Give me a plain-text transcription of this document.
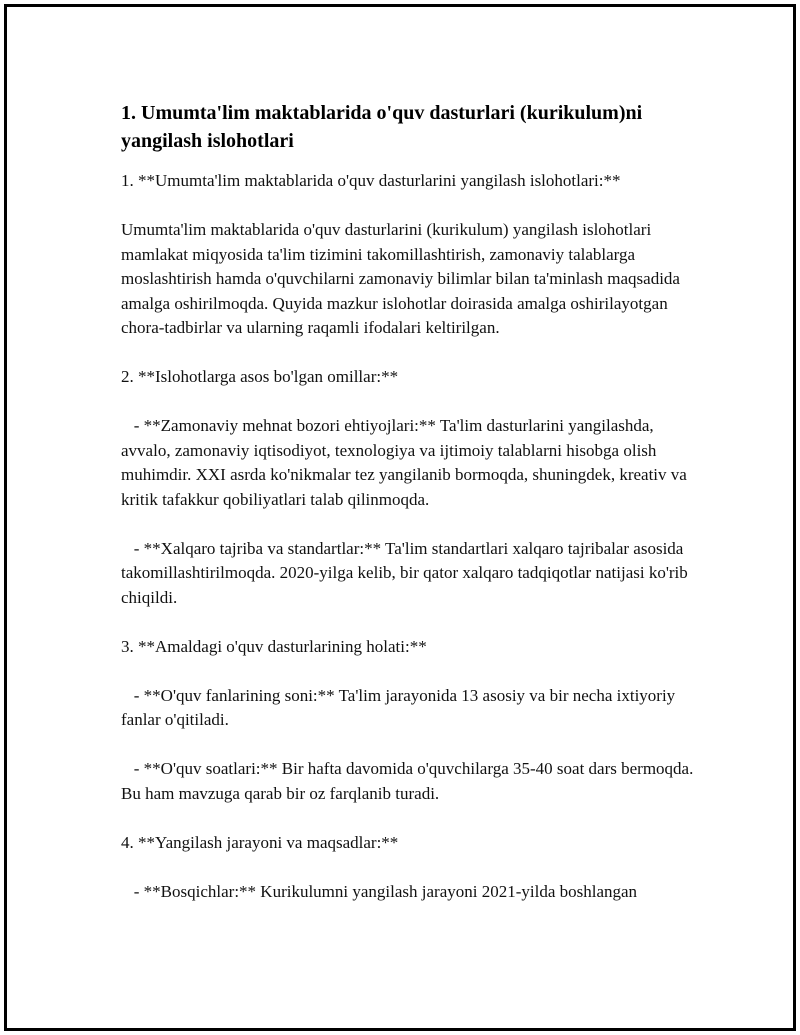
1. Umumta'lim maktablarida o'quv dasturlari (kurikulum)ni yangilash islohotlari

1. **Umumta'lim maktablarida o'quv dasturlarini yangilash islohotlari:**

Umumta'lim maktablarida o'quv dasturlarini (kurikulum) yangilash islohotlari mamlakat miqyosida ta'lim tizimini takomillashtirish, zamonaviy talablarga moslashtirish hamda o'quvchilarni zamonaviy bilimlar bilan ta'minlash maqsadida amalga oshirilmoqda. Quyida mazkur islohotlar doirasida amalga oshirilayotgan chora-tadbirlar va ularning raqamli ifodalari keltirilgan.

2. **Islohotlarga asos bo'lgan omillar:**

- **Zamonaviy mehnat bozori ehtiyojlari:** Ta'lim dasturlarini yangilashda, avvalo, zamonaviy iqtisodiyot, texnologiya va ijtimoiy talablarni hisobga olish muhimdir. XXI asrda ko'nikmalar tez yangilanib bormoqda, shuningdek, kreativ va kritik tafakkur qobiliyatlari talab qilinmoqda.

- **Xalqaro tajriba va standartlar:** Ta'lim standartlari xalqaro tajribalar asosida takomillashtirilmoqda. 2020-yilga kelib, bir qator xalqaro tadqiqotlar natijasi ko'rib chiqildi.

3. **Amaldagi o'quv dasturlarining holati:**

- **O'quv fanlarining soni:** Ta'lim jarayonida 13 asosiy va bir necha ixtiyoriy fanlar o'qitiladi.

- **O'quv soatlari:** Bir hafta davomida o'quvchilarga 35-40 soat dars bermoqda. Bu ham mavzuga qarab bir oz farqlanib turadi.

4. **Yangilash jarayoni va maqsadlar:**

- **Bosqichlar:** Kurikulumni yangilash jarayoni 2021-yilda boshlangan
